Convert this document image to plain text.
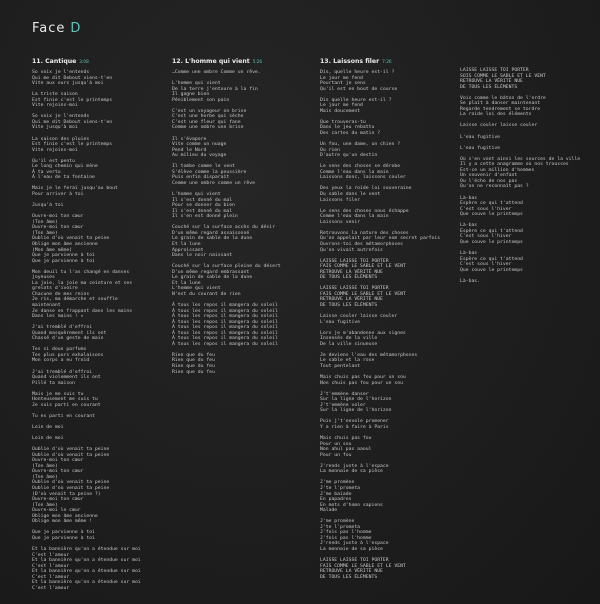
Face D
11. Cantique 3:08
So voix je l'entends
Qui me dit Debout viens-t'en
Vite aux ours jusqu'à moi

La triste saison
Est finie c'est le printemps
Vite rejoins-moi

So voix je l'entends
Qui me dit Debout viens-t'en
Vite jusqu'à moi

La saison des pluies
Est finie c'est le printemps
Vite rejoins-moi

Qu'il est pentu
Le long chemin qui mène
À ta vertu
À l'eau de ta fontaine

Mais je le ferai jusqu'au bout
Pour arriver à toi

Jusqu'à toi

Ouvre-moi ton cœur
(Ton âme)
Ouvre-moi ton cœur
(Ton âme)
Oublie d'où venait ta peine
Oblige mon âme ancienne
(Mon âme même)
Que je parvienne à toi
Que je parvienne à toi

Mon deuil tu l'as changé en danses
joyeuses
La joie, la joie ma ceinture et ses
grelots d'ivoire
Chacune de mes reins
Je ris, ma démarche et souffle
maintenant
Je danse en frappant dans les mains
Dans les mains ! »

J'ai tremblé d'effroi
Quand masquèrement ils ont
Chassé d'un geste de main

Tes si doux parfums
Tes plus purs exhalaisons
Mon corps a eu froid

J'ai tremblé d'effroi
Quand violemment ils ont
Pillé ta maison

Mais je me suis tu
Honteusement me suis tu
Je suis parti en courant

Tu es parti en courant

Loin de moi

Loin de moi

Oublie d'où venait ta peine
Oublie d'où venait ta peine
Ouvre-moi ton cœur
(Ton âme)
Ouvre-moi ton cœur
(Ton âme)
Oublie d'où venait ta peine
Oublie d'où venait ta peine
(D'où venait ta peine ?)
Ouvre-moi ton cœur
(Ton âme)
Ouvre-moi le cœur
Oblige mon âme ancienne
Oblige mon âme même !

Que je parvienne à toi
Que je parvienne à toi

Et la bannière qu'on a étendue sur moi
C'est l'amour
Et la bannière qu'on a étendue sur moi
C'est l'amour
Et la bannière qu'on a étendue sur moi
C'est l'amour
Et la bannière qu'on a étendue sur moi
C'est l'amour
12. L'homme qui vient 5:26
…Comme une ombre Comme un rêve.

L'homme qui vient
De la terre j'entoure à la fin
Il gagne bien
Péniblement son pain

C'est un voyageur on brise
C'est une herbe qui sèche
C'est une fleur qui fane
Comme une ombre une brise

Il s'évapore
Vite comme un nuage
Pend le Nord
Au milieu du voyage

Il tombe comme le vent
S'élève comme la poussière
Puis enfin disparaît
Comme une ombre comme un rêve

L'homme qui vient
Il s'est donné du mal
Pour se donner du bien
Il s'est donné du mal
Il s'en est donné plein

Couché sur la surface accès du désir
D'un même regard assaisonné
Le grain de sable de la dune
Et la lune
Approissant
Dans le noir naissant

Couché sur la surface pleine du désert
D'un même regard embrassant
Le grain de sable de la dune
Et la lune
L'homme qui vient
N'est du courant de rien

À tous les repos il mangera du soleil
À tous les repos il mangera du soleil
À tous les repos il mangera du soleil
À tous les repos il mangera du soleil
À tous les repos il mangera du soleil
À tous les repos il mangera du soleil
À tous les repos il mangera du soleil
À tous les repos il mangera du soleil

Rien que du feu
Rien que du feu
Rien que du feu
Rien que du feu
13. Laissons filer 7:26
Dis, quelle heure est-il ?
Le jour me fend
Pourtant je sens
Qu'il est en bout de course

Dis quelle heure est-il ?
Le jour me fend
Mais doucement

Que trouveras-tu
Dans le jeu rebattu
Des cartes du matin ?

Un fou, une dame, un chien ?
Ou rien
D'autre qu'un destin

Le sens des choses se dérobe
Comme l'eau dans la main
Laissons donc, laissons couler

Des yeux la roide loi souveraine
Du sable dans le vent
Laissons filer

Le sens des choses nous échappe
Comme l'eau dans la main
Laissons venir

Retrouvons la nature des choses
Qu'on appelait par leur nom secret parfois
Ouvrons-toi des métamorphoses
Qu'on vivait autrefois

LAISSE LAISSE TOI PORTER
FAIS COMME LE SABLE ET LE VENT
RETROUVE LA VÉRITÉ NUE
DE TOUS LES ÉLÉMENTS

LAISSE LAISSE TOI PORTER
FAIS COMME LE SABLE ET LE VENT
RETROUVE LA VÉRITÉ NUE
DE TOUS LES ÉLÉMENTS

Laisse couler laisse couler
L'eau fugitive

Lors je m'abandonne aux signes
Insensés de la ville
De la ville sinueuse

Je deviens l'eau des métamorphoses
Le sable et la rose
Tout pentelant

Mais chuis pas fou pour un sou
Non chuis pas fou pour un sou

J't'emmène danser
Sur la ligne de l'horizon
J't'emmène voler
Sur la ligne de l'horizon

Puis j't'envole promener
Y a rien à faire à Paris

Mais chuis pas fou
Pour un sou
Non ahul pas aaoul
Pour un fou

J'rends juste à l'espace
La monnaie de sa pièce

J'me promène
J'te l'prometa
J'me baiade
En papadres
En mots d'homo sapiens
Malade

J'me promène
J'te l'prometa
J'fois pas l'homme
J'fois pas l'homme
J'rends juste à l'espace
La monnaie de sa pièce

LAISSE LAISSE TOI PORTER
FAIS COMME LE SABLE ET LE VENT
RETROUVE LA VÉRITÉ NUE
DE TOUS LES ÉLÉMENTS
LAISSE LAISSE TOI PORTER
SOIS COMME LE SABLE ET LE VENT
RETROUVE LA VÉRITÉ NUE
DE TOUS LES ÉLÉMENTS

Vois comme le bâton de l'ordre
Se plaît à danser maintenant
Regarde tendrement se tordre
La roide loi des éléments

Laisse couler laisse couler

L'eau fugitive

L'eau fugitive

Où s'en vont ainsi les sources de la ville
Il y a cette anagramme où nos trousses
Est-ce un million d'hommes
Un souvenir d'enfant
Ou l'écho de nos pas
Qu'on ne reconnaît pas ?

Là-bas
Espère ce qui t'attend
C'est sous l'hiver
Que couve le printemps

Là-bas
Espère ce qui t'attend
C'est sous l'hiver
Que couve le printemps

Là-bas
Espère ce qui t'attend
C'est sous l'hiver
Que couve le printemps

Là-bas.
